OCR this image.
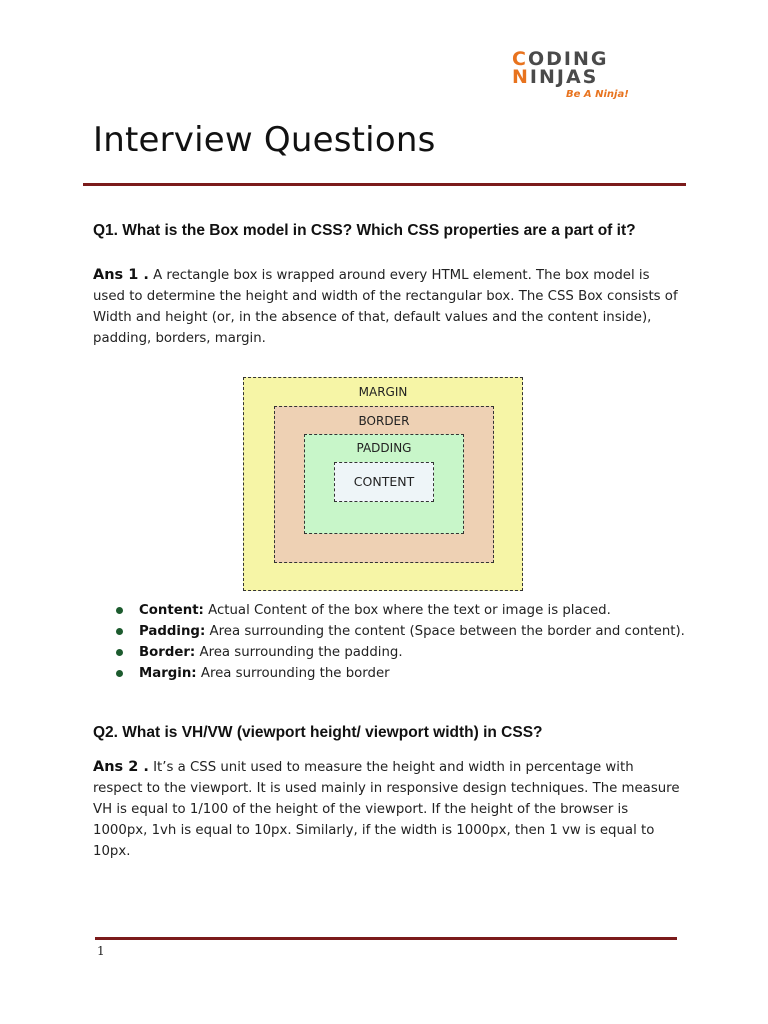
CODING
NINJAS
Be A Ninja!
Interview Questions
Q1. What is the Box model in CSS? Which CSS properties are a part of it?
Ans 1 . A rectangle box is wrapped around every HTML element. The box model is used to determine the height and width of the rectangular box. The CSS Box consists of Width and height (or, in the absence of that, default values and the content inside), padding, borders, margin.
MARGIN
BORDER
PADDING
CONTENT
Content: Actual Content of the box where the text or image is placed.
Padding: Area surrounding the content (Space between the border and content).
Border: Area surrounding the padding.
Margin: Area surrounding the border
Q2. What is VH/VW (viewport height/ viewport width) in CSS?
Ans 2 . It’s a CSS unit used to measure the height and width in percentage with respect to the viewport. It is used mainly in responsive design techniques. The measure VH is equal to 1/100 of the height of the viewport. If the height of the browser is 1000px, 1vh is equal to 10px. Similarly, if the width is 1000px, then 1 vw is equal to 10px.
1
